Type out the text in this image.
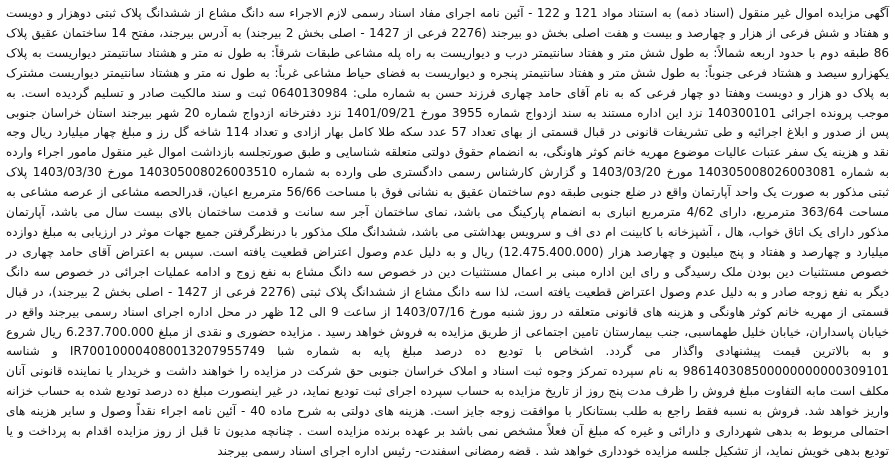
آگهی مزایده اموال غیر منقول (اسناد ذمه) به استناد مواد 121 و 122 - آئین نامه اجرای مفاد اسناد رسمی لازم الاجراء سه دانگ مشاع از ششدانگ پلاک ثبتی دوهزار و دویست و هفتاد و شش فرعی از هزار و چهارصد و بیست و هفت اصلی بخش دو بیرجند (2276 فرعی از 1427 - اصلی بخش 2 بیرجند) به آدرس بیرجند، مفتح 14 ساختمان عقیق پلاک 86 طبقه دوم با حدود اربعه شمالاً: به طول شش متر و هفتاد سانتیمتر درب و دیواریست به راه پله مشاعی طبقات شرقاً: به طول نه متر و هشتاد سانتیمتر دیواریست به پلاک یکهزارو سیصد و هشتاد فرعی جنوباً: به طول شش متر و هفتاد سانتیمتر پنجره و دیواریست به فضای حیاط مشاعی غرباً: به طول نه متر و هشتاد سانتیمتر دیواریست مشترک به پلاک دو هزار و دویست وهفتا دو چهار فرعی که به نام آقای حامد چهاری فرزند حسن به شماره ملی: 0640130984 ثبت و سند مالکیت صادر و تسلیم گردیده است. به موجب پرونده اجرائی 140300101 نزد این اداره مستند به سند ازدواج شماره 3955 مورخ 1401/09/21 نزد دفترخانه ازدواج شماره 20 شهر بیرجند استان خراسان جنوبی پس از صدور و ابلاغ اجرائیه و طی تشریفات قانونی در قبال قسمتی از بهای تعداد 57 عدد سکه طلا کامل بهار ازادی و تعداد 114 شاخه گل رز و مبلغ چهار میلیارد ریال وجه نقد و هزینه یک سفر عتبات عالیات موضوع مهریه خانم کوثر هاونگی، به انضمام حقوق دولتی متعلقه شناسایی و طبق صورتجلسه بازداشت اموال غیر منقول مامور اجراء وارده به شماره 140305008026003081 مورخ 1403/03/20 و گزارش کارشناس رسمی دادگستری طی وارده به شماره 140305008026003510 مورخ 1403/03/30 پلاک ثبتی مذکور به صورت یک واحد آپارتمان واقع در ضلع جنوبی طبقه دوم ساختمان عقیق به نشانی فوق با مساحت 56/66 مترمربع اعیان، قدرالحصه مشاعی از عرصه مشاعی به مساحت 363/64 مترمربع، دارای 4/62 مترمربع انباری به انضمام پارکینگ می باشد، نمای ساختمان آجر سه سانت و قدمت ساختمان بالای بیست سال می باشد، آپارتمان مذکور دارای یک اتاق خواب، هال ، آشپزخانه با کابینت ام دی اف و سرویس بهداشتی می باشد، ششدانگ ملک مذکور با درنظرگرفتن جمیع جهات موثر در ارزیابی به مبلغ دوازده میلیارد و چهارصد و هفتاد و پنج میلیون و چهارصد هزار (12.475.400.000) ریال و به دلیل عدم وصول اعتراض قطعیت یافته است. سپس به اعتراض آقای حامد چهاری در خصوص مستثنیات دین بودن ملک رسیدگی و رای این اداره مبنی بر اعمال مستثنیات دین در خصوص سه دانگ مشاع به نفع زوج و ادامه عملیات اجرائی در خصوص سه دانگ دیگر به نفع زوجه صادر و به دلیل عدم وصول اعتراض قطعیت یافته است، لذا سه دانگ مشاع از ششدانگ پلاک ثبتی (2276 فرعی از 1427 - اصلی بخش 2 بیرجند)، در قبال قسمتی از مهریه خانم کوثر هاونگی و هزینه های قانونی متعلقه در روز شنبه مورخ 1403/07/16 از ساعت 9 الی 12 ظهر در محل اداره اجرای اسناد رسمی بیرجند واقع در خیابان پاسداران، خیابان خلیل طهماسبی، جنب بیمارستان تامین اجتماعی از طریق مزایده به فروش خواهد رسید . مزایده حضوری و نقدی از مبلغ 6.237.700.000 ریال شروع و به بالاترین قیمت پیشنهادی واگذار می گردد. اشخاص با تودیع ده درصد مبلغ پایه به شماره شبا IR700100004080013207955749 و شناسه 986140308500000000000309101 به نام سپرده تمرکز وجوه ثبت اسناد و املاک خراسان جنوبی حق شرکت در مزایده را خواهند داشت و خریدار یا نماینده قانونی آنان مکلف است مابه التفاوت مبلغ فروش را ظرف مدت پنج روز از تاریخ مزایده به حساب سپرده اجرای ثبت تودیع نماید، در غیر اینصورت مبلغ ده درصد تودیع شده به حساب خزانه واریز خواهد شد. فروش به نسبه فقط راجع به طلب بستانکار با موافقت زوجه جایز است. هزینه های دولتی به شرح ماده 40 - آئین نامه اجراء نقداً وصول و سایر هزینه های احتمالی مربوط به بدهی شهرداری و دارائی و غیره که مبلغ آن فعلاً مشخص نمی باشد بر عهده برنده مزایده است . چنانچه مدیون تا قبل از روز مزایده اقدام به پرداخت و یا تودیع بدهی خویش نماید، از تشکیل جلسه مزایده خودداری خواهد شد . قضه رمضانی اسفندت- رئیس اداره اجرای اسناد رسمی بیرجند
